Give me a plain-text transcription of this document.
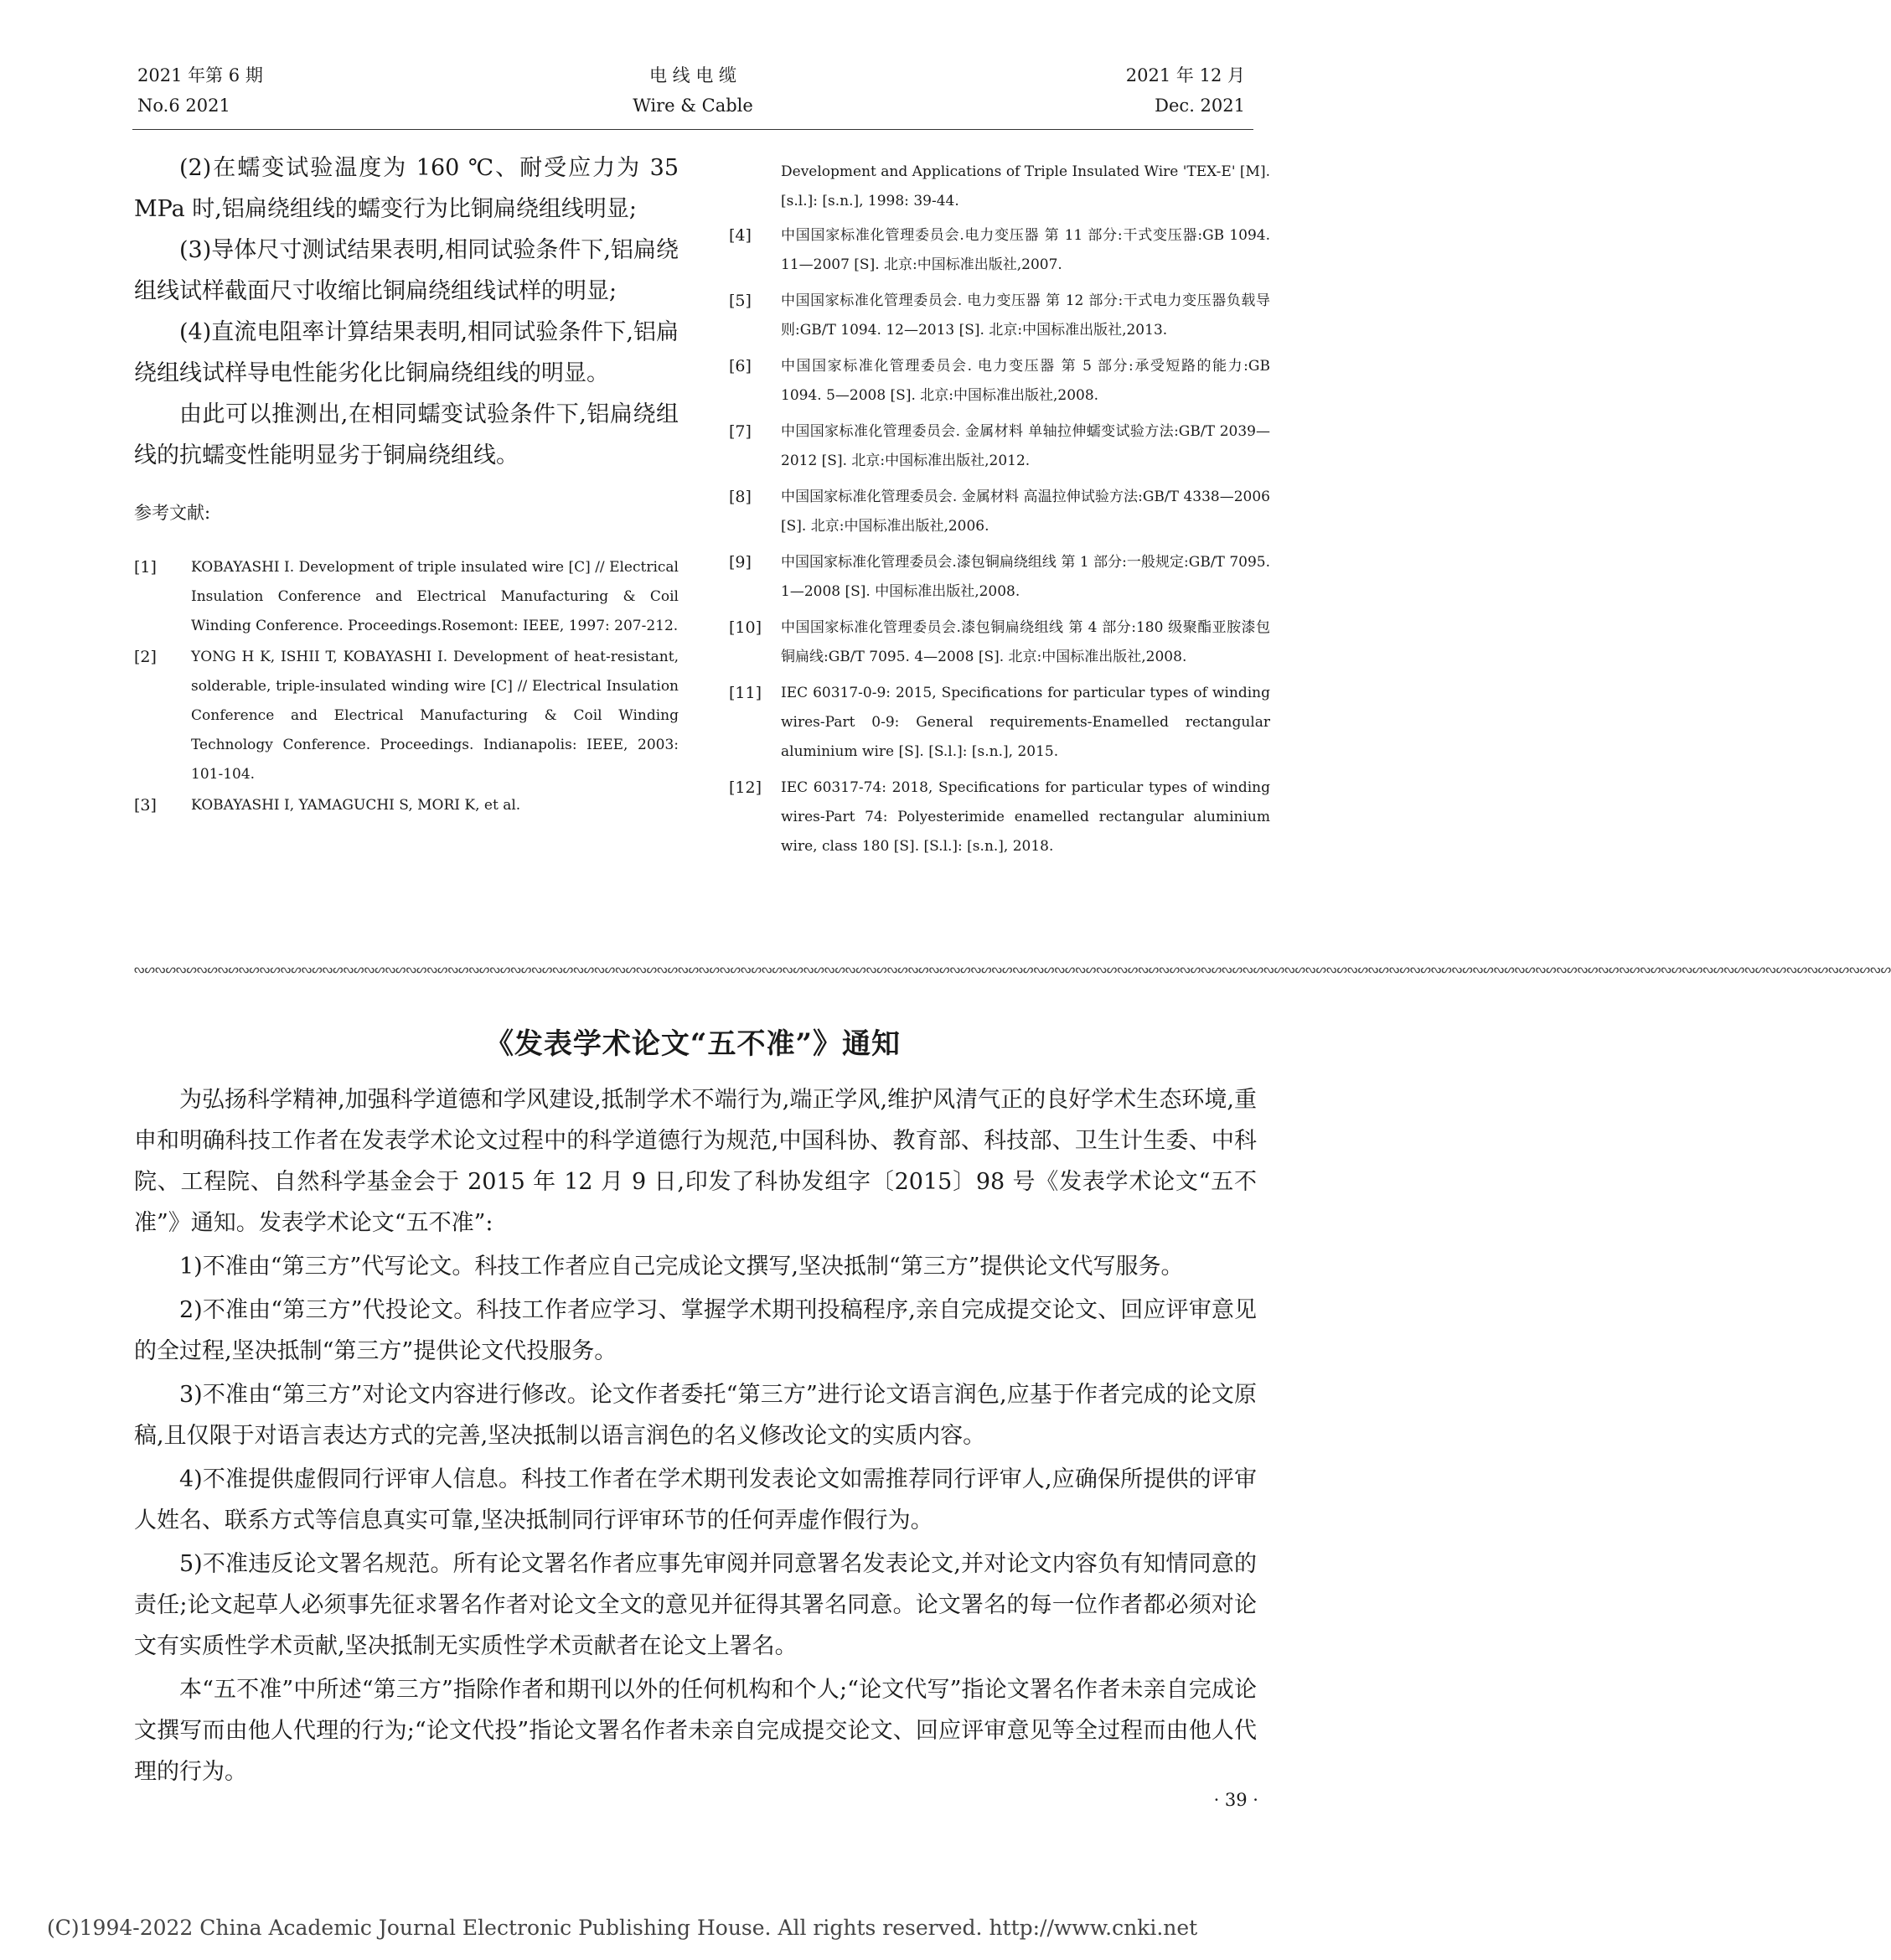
2021 年第 6 期
No.6 2021
电 线 电 缆
Wire & Cable
2021 年 12 月
Dec. 2021

(2)在蠕变试验温度为 160 ℃、耐受应力为 35 MPa 时,铝扁绕组线的蠕变行为比铜扁绕组线明显;

(3)导体尺寸测试结果表明,相同试验条件下,铝扁绕组线试样截面尺寸收缩比铜扁绕组线试样的明显;

(4)直流电阻率计算结果表明,相同试验条件下,铝扁绕组线试样导电性能劣化比铜扁绕组线的明显。

由此可以推测出,在相同蠕变试验条件下,铝扁绕组线的抗蠕变性能明显劣于铜扁绕组线。

参考文献:
[1]	KOBAYASHI I. Development of triple insulated wire [C] // Electrical Insulation Conference and Electrical Manufacturing & Coil Winding Conference. Proceedings.Rosemont: IEEE, 1997: 207-212.
[2]	YONG H K, ISHII T, KOBAYASHI I. Development of heat-resistant, solderable, triple-insulated winding wire [C] // Electrical Insulation Conference and Electrical Manufacturing & Coil Winding Technology Conference. Proceedings. Indianapolis: IEEE, 2003: 101-104.
[3]	KOBAYASHI I, YAMAGUCHI S, MORI K, et al.
Development and Applications of Triple Insulated Wire 'TEX-E' [M]. [s.l.]: [s.n.], 1998: 39-44.
[4]	中国国家标准化管理委员会.电力变压器 第 11 部分:干式变压器:GB 1094. 11—2007 [S]. 北京:中国标准出版社,2007.
[5]	中国国家标准化管理委员会. 电力变压器 第 12 部分:干式电力变压器负载导则:GB/T 1094. 12—2013 [S]. 北京:中国标准出版社,2013.
[6]	中国国家标准化管理委员会. 电力变压器 第 5 部分:承受短路的能力:GB 1094. 5—2008 [S]. 北京:中国标准出版社,2008.
[7]	中国国家标准化管理委员会. 金属材料 单轴拉伸蠕变试验方法:GB/T 2039—2012 [S]. 北京:中国标准出版社,2012.
[8]	中国国家标准化管理委员会. 金属材料 高温拉伸试验方法:GB/T 4338—2006 [S]. 北京:中国标准出版社,2006.
[9]	中国国家标准化管理委员会.漆包铜扁绕组线 第 1 部分:一般规定:GB/T 7095. 1—2008 [S]. 中国标准出版社,2008.
[10]	中国国家标准化管理委员会.漆包铜扁绕组线 第 4 部分:180 级聚酯亚胺漆包铜扁线:GB/T 7095. 4—2008 [S]. 北京:中国标准出版社,2008.
[11]	IEC 60317-0-9: 2015, Specifications for particular types of winding wires-Part 0-9: General requirements-Enamelled rectangular aluminium wire [S]. [S.l.]: [s.n.], 2015.
[12]	IEC 60317-74: 2018, Specifications for particular types of winding wires-Part 74: Polyesterimide enamelled rectangular aluminium wire, class 180 [S]. [S.l.]: [s.n.], 2018.
ᔓᔕᔓᔕᔓᔕᔓᔕᔓᔕᔓᔕᔓᔕᔓᔕᔓᔕᔓᔕᔓᔕᔓᔕᔓᔕᔓᔕᔓᔕᔓᔕᔓᔕᔓᔕᔓᔕᔓᔕᔓᔕᔓᔕᔓᔕᔓᔕᔓᔕᔓᔕᔓᔕᔓᔕᔓᔕᔓᔕᔓᔕᔓᔕᔓᔕᔓᔕᔓᔕᔓᔕᔓᔕᔓᔕᔓᔕᔓᔕᔓᔕᔓᔕᔓᔕᔓᔕᔓᔕᔓᔕᔓᔕᔓᔕᔓᔕᔓᔕᔓᔕᔓᔕᔓᔕᔓᔕᔓᔕᔓᔕᔓᔕᔓᔕᔓᔕᔓᔕᔓᔕᔓᔕᔓᔕᔓᔕᔓᔕᔓᔕᔓᔕᔓᔕᔓᔕᔓᔕᔓᔕᔓᔕᔓᔕᔓᔕᔓᔕᔓᔕᔓᔕᔓᔕᔓᔕᔓᔕᔓᔕᔓᔕᔓᔕᔓᔕ
《发表学术论文“五不准”》通知

为弘扬科学精神,加强科学道德和学风建设,抵制学术不端行为,端正学风,维护风清气正的良好学术生态环境,重申和明确科技工作者在发表学术论文过程中的科学道德行为规范,中国科协、教育部、科技部、卫生计生委、中科院、工程院、自然科学基金会于 2015 年 12 月 9 日,印发了科协发组字〔2015〕98 号《发表学术论文“五不准”》通知。发表学术论文“五不准”:

1)不准由“第三方”代写论文。科技工作者应自己完成论文撰写,坚决抵制“第三方”提供论文代写服务。

2)不准由“第三方”代投论文。科技工作者应学习、掌握学术期刊投稿程序,亲自完成提交论文、回应评审意见的全过程,坚决抵制“第三方”提供论文代投服务。

3)不准由“第三方”对论文内容进行修改。论文作者委托“第三方”进行论文语言润色,应基于作者完成的论文原稿,且仅限于对语言表达方式的完善,坚决抵制以语言润色的名义修改论文的实质内容。

4)不准提供虚假同行评审人信息。科技工作者在学术期刊发表论文如需推荐同行评审人,应确保所提供的评审人姓名、联系方式等信息真实可靠,坚决抵制同行评审环节的任何弄虚作假行为。

5)不准违反论文署名规范。所有论文署名作者应事先审阅并同意署名发表论文,并对论文内容负有知情同意的责任;论文起草人必须事先征求署名作者对论文全文的意见并征得其署名同意。论文署名的每一位作者都必须对论文有实质性学术贡献,坚决抵制无实质性学术贡献者在论文上署名。

本“五不准”中所述“第三方”指除作者和期刊以外的任何机构和个人;“论文代写”指论文署名作者未亲自完成论文撰写而由他人代理的行为;“论文代投”指论文署名作者未亲自完成提交论文、回应评审意见等全过程而由他人代理的行为。

· 39 ·
(C)1994-2022 China Academic Journal Electronic Publishing House. All rights reserved. http://www.cnki.net
